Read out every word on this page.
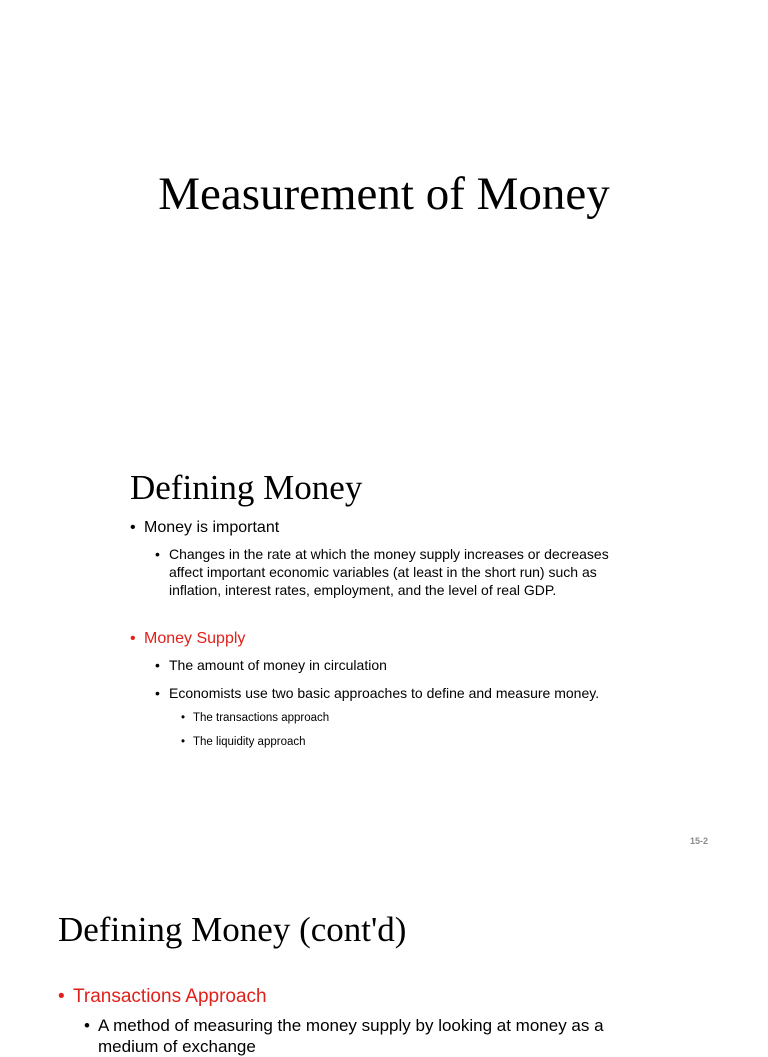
Measurement of Money
Defining Money
• Money is important
• Changes in the rate at which the money supply increases or decreases affect important economic variables (at least in the short run) such as inflation, interest rates, employment, and the level of real GDP.
• Money Supply
• The amount of money in circulation
• Economists use two basic approaches to define and measure money.
• The transactions approach
• The liquidity approach
15-2
Defining Money (cont'd)
• Transactions Approach
• A method of measuring the money supply by looking at money as a medium of exchange
